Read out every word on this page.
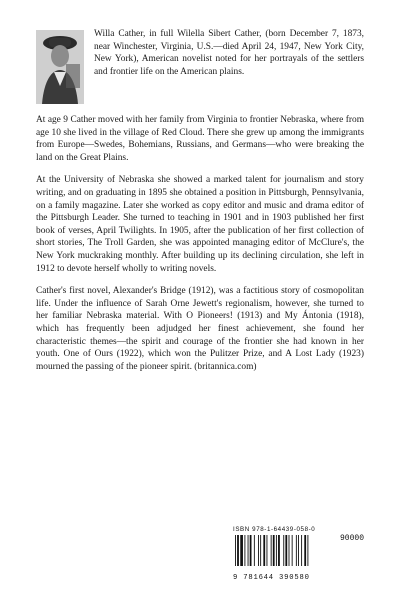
Willa Cather, in full Wilella Sibert Cather, (born December 7, 1873, near Winchester, Virginia, U.S.—died April 24, 1947, New York City, New York), American novelist noted for her portrayals of the settlers and frontier life on the American plains.

At age 9 Cather moved with her family from Virginia to frontier Nebraska, where from age 10 she lived in the village of Red Cloud. There she grew up among the immigrants from Europe—Swedes, Bohemians, Russians, and Germans—who were breaking the land on the Great Plains.

At the University of Nebraska she showed a marked talent for journalism and story writing, and on graduating in 1895 she obtained a position in Pittsburgh, Pennsylvania, on a family magazine. Later she worked as copy editor and music and drama editor of the Pittsburgh Leader. She turned to teaching in 1901 and in 1903 published her first book of verses, April Twilights. In 1905, after the publication of her first collection of short stories, The Troll Garden, she was appointed managing editor of McClure's, the New York muckraking monthly. After building up its declining circulation, she left in 1912 to devote herself wholly to writing novels.

Cather's first novel, Alexander's Bridge (1912), was a factitious story of cosmopolitan life. Under the influence of Sarah Orne Jewett's regionalism, however, she turned to her familiar Nebraska material. With O Pioneers! (1913) and My Ántonia (1918), which has frequently been adjudged her finest achievement, she found her characteristic themes—the spirit and courage of the frontier she had known in her youth. One of Ours (1922), which won the Pulitzer Prize, and A Lost Lady (1923) mourned the passing of the pioneer spirit. (britannica.com)

ISBN 978-1-64439-058-0
90000
9 781644 390580
